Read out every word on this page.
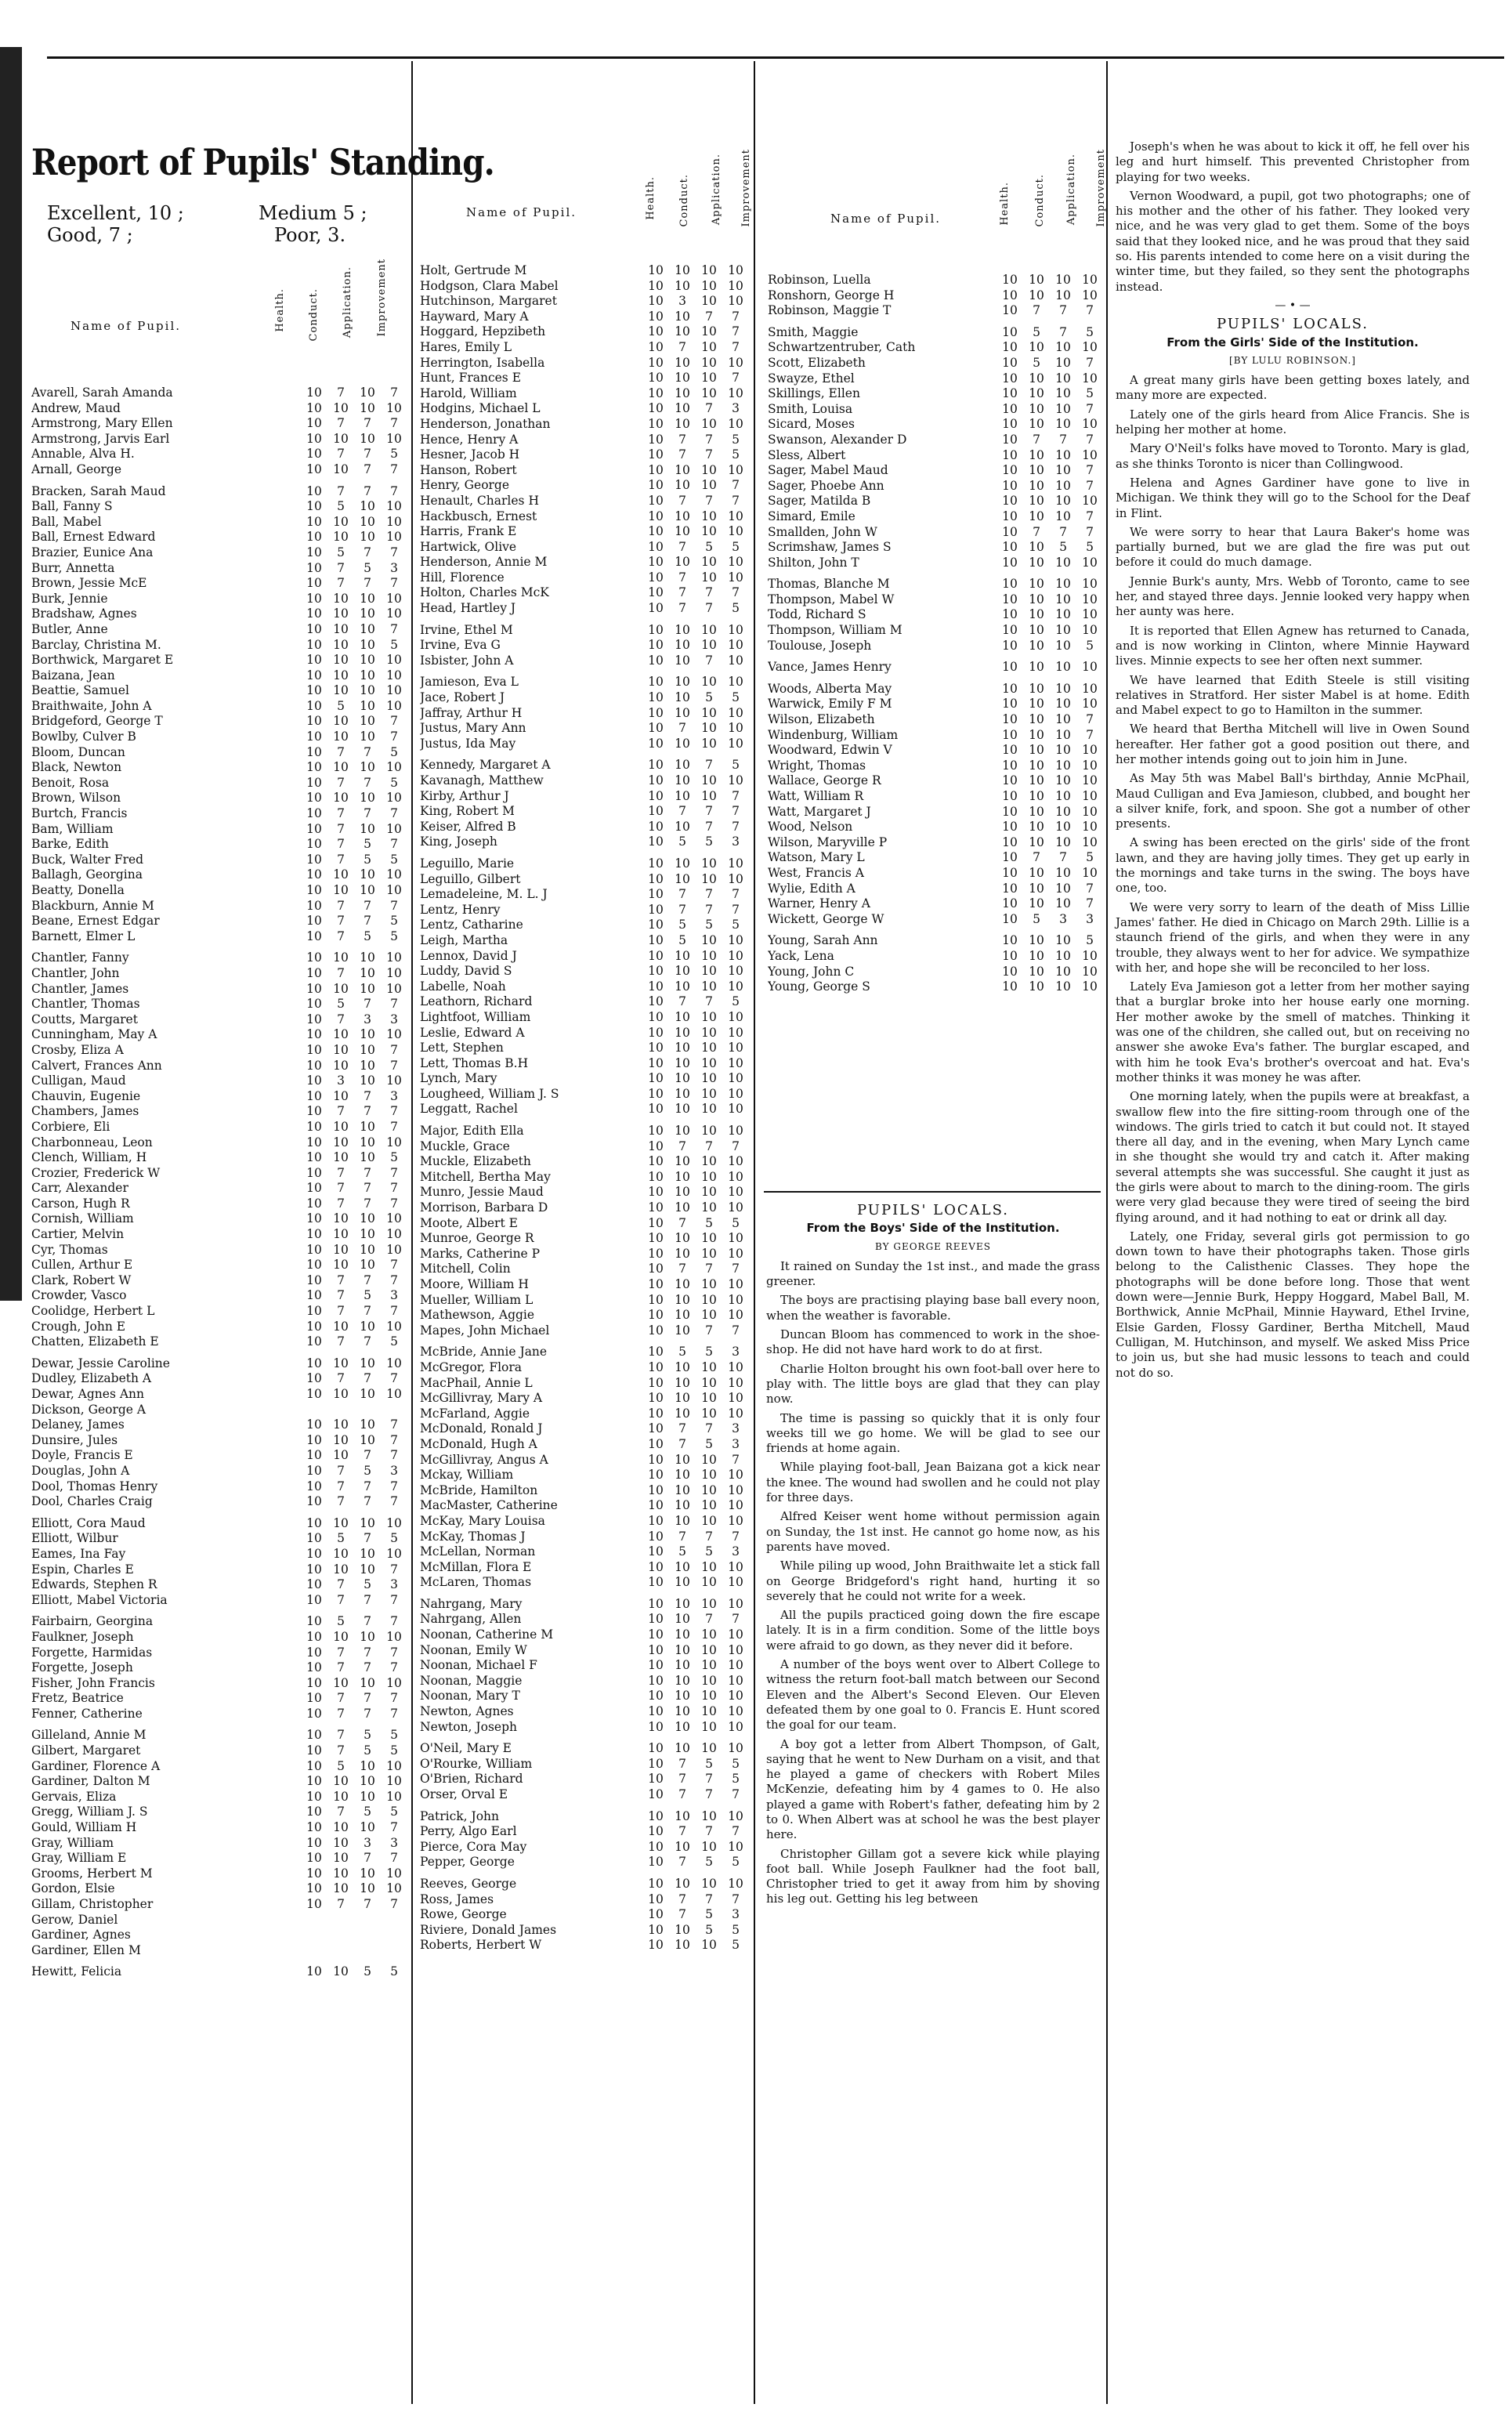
Report of Pupils' Standing.
Excellent, 10 ;	Medium 5 ;
Good, 7 ;	Poor, 3.
Name of Pupil.	Health. Conduct. Application. Improvement
Name of Pupil.	Health. Conduct. Application. Improvement	Name of Pupil.	Health. Conduct. Application. Improvement
Avarell, Sarah Amanda	10	7	10	7
Andrew, Maud	10 10 10 10
Armstrong, Mary Ellen	10	7	7	7
Armstrong, Jarvis Earl	10 10 10 10
Annable, Alva H.	10	7	7	5
Arnall, George	10 10	7	7
Bracken, Sarah Maud	10	7	7	7
Ball, Fanny S	10	5	10 10
Ball, Mabel	10 10 10 10
Ball, Ernest Edward	10 10 10 10
Brazier, Eunice Ana	10	5	7	7
Burr, Annetta	10	7	5	3
Brown, Jessie McE	10	7	7	7
Burk, Jennie	10 10 10 10
Bradshaw, Agnes	10 10 10 10
Butler, Anne	10 10 10	7
Barclay, Christina M.	10 10 10	5
Borthwick, Margaret E	10 10 10 10
Baizana, Jean	10 10 10 10
Beattie, Samuel	10 10 10 10
Braithwaite, John A	10	5	10 10
Bridgeford, George T	10 10 10	7
Bowlby, Culver B	10 10 10	7
Bloom, Duncan	10	7	7	5
Black, Newton	10 10 10 10
Benoit, Rosa	10	7	7	5
Brown, Wilson	10 10 10 10
Burtch, Francis	10	7	7	7
Bam, William	10	7	10 10
Barke, Edith	10	7	5	7
Buck, Walter Fred	10	7	5	5
Ballagh, Georgina	10 10 10 10
Beatty, Donella	10 10 10 10
Blackburn, Annie M	10	7	7	7
Beane, Ernest Edgar	10	7	7	5
Barnett, Elmer L	10	7	5	5
Chantler, Fanny	10 10 10 10
Chantler, John	10	7	10 10
Chantler, James	10 10 10 10
Chantler, Thomas	10	5	7	7
Coutts, Margaret	10	7	3	3
Cunningham, May A	10 10 10 10
Crosby, Eliza A	10 10 10	7
Calvert, Frances Ann	10 10 10	7
Culligan, Maud	10	3	10 10
Chauvin, Eugenie	10 10	7	3
Chambers, James	10	7	7	7
Corbiere, Eli	10 10 10	7
Charbonneau, Leon	10 10 10 10
Clench, William, H	10 10 10	5
Crozier, Frederick W	10	7	7	7
Carr, Alexander	10	7	7	7
Carson, Hugh R	10	7	7	7
Cornish, William	10 10 10 10
Cartier, Melvin	10 10 10 10
Cyr, Thomas	10 10 10 10
Cullen, Arthur E	10 10 10	7
Clark, Robert W	10	7	7	7
Crowder, Vasco	10	7	5	3
Coolidge, Herbert L	10	7	7	7
Crough, John E	10 10 10 10
Chatten, Elizabeth E	10	7	7	5
Dewar, Jessie Caroline	10 10 10 10
Dudley, Elizabeth A	10	7	7	7
Dewar, Agnes Ann	10 10 10 10
Dickson, George A
Delaney, James	10 10 10	7
Dunsire, Jules	10 10 10	7
Doyle, Francis E	10 10	7	7
Douglas, John A	10	7	5	3
Dool, Thomas Henry	10	7	7	7
Dool, Charles Craig	10	7	7	7
Elliott, Cora Maud	10 10 10 10
Elliott, Wilbur	10	5	7	5
Eames, Ina Fay	10 10 10 10
Espin, Charles E	10 10 10	7
Edwards, Stephen R	10	7	5	3
Elliott, Mabel Victoria	10	7	7	7
Fairbairn, Georgina	10	5	7	7
Faulkner, Joseph	10 10 10 10
Forgette, Harmidas	10	7	7	7
Forgette, Joseph	10	7	7	7
Fisher, John Francis	10 10 10 10
Fretz, Beatrice	10	7	7	7
Fenner, Catherine	10	7	7	7
Gilleland, Annie M	10	7	5	5
Gilbert, Margaret	10	7	5	5
Gardiner, Florence A	10	5	10 10
Gardiner, Dalton M	10 10 10 10
Gervais, Eliza	10 10 10 10
Gregg, William J. S	10	7	5	5
Gould, William H	10 10 10	7
Gray, William	10 10	3	3
Gray, William E	10 10	7	7
Grooms, Herbert M	10 10 10 10
Gordon, Elsie	10 10 10 10
Gillam, Christopher	10	7	7	7
Gerow, Daniel
Gardiner, Agnes
Gardiner, Ellen M
Hewitt, Felicia	10 10	5	5
Holt, Gertrude M	10 10 10 10
Hodgson, Clara Mabel	10 10 10 10
Hutchinson, Margaret	10	3	10 10
Hayward, Mary A	10 10	7	7
Hoggard, Hepzibeth	10 10 10	7
Hares, Emily L	10	7	10	7
Herrington, Isabella	10 10 10 10
Hunt, Frances E	10 10 10	7
Harold, William	10 10 10 10
Hodgins, Michael L	10 10	7	3
Henderson, Jonathan	10 10 10 10
Hence, Henry A	10	7	7	5
Hesner, Jacob H	10	7	7	5
Hanson, Robert	10 10 10 10
Henry, George	10 10 10	7
Henault, Charles H	10	7	7	7
Hackbusch, Ernest	10 10 10 10
Harris, Frank E	10 10 10 10
Hartwick, Olive	10	7	5	5
Henderson, Annie M	10 10 10 10
Hill, Florence	10	7	10 10
Holton, Charles McK	10	7	7	7
Head, Hartley J	10	7	7	5
Irvine, Ethel M	10 10 10 10
Irvine, Eva G	10 10 10 10
Isbister, John A	10 10	7	10
Jamieson, Eva L	10 10 10 10
Jace, Robert J	10 10	5	5
Jaffray, Arthur H	10 10 10 10
Justus, Mary Ann	10	7	10 10
Justus, Ida May	10 10 10 10
Kennedy, Margaret A	10 10	7	5
Kavanagh, Matthew	10 10 10 10
Kirby, Arthur J	10 10 10	7
King, Robert M	10	7	7	7
Keiser, Alfred B	10 10	7	7
King, Joseph	10	5	5	3
Leguillo, Marie	10 10 10 10
Leguillo, Gilbert	10 10 10 10
Lemadeleine, M. L. J	10	7	7	7
Lentz, Henry	10	7	7	7
Lentz, Catharine	10	5	5	5
Leigh, Martha	10	5	10 10
Lennox, David J	10 10 10 10
Luddy, David S	10 10 10 10
Labelle, Noah	10 10 10 10
Leathorn, Richard	10	7	7	5
Lightfoot, William	10 10 10 10
Leslie, Edward A	10 10 10 10
Lett, Stephen	10 10 10 10
Lett, Thomas B.H	10 10 10 10
Lynch, Mary	10 10 10 10
Lougheed, William J. S	10 10 10 10
Leggatt, Rachel	10 10 10 10
Major, Edith Ella	10 10 10 10
Muckle, Grace	10	7	7	7
Muckle, Elizabeth	10 10 10 10
Mitchell, Bertha May	10 10 10 10
Munro, Jessie Maud	10 10 10 10
Morrison, Barbara D	10 10 10 10
Moote, Albert E	10	7	5	5
Munroe, George R	10 10 10 10
Marks, Catherine P	10 10 10 10
Mitchell, Colin	10	7	7	7
Moore, William H	10 10 10 10
Mueller, William L	10 10 10 10
Mathewson, Aggie	10 10 10 10
Mapes, John Michael	10 10	7	7
McBride, Annie Jane	10	5	5	3
McGregor, Flora	10 10 10 10
MacPhail, Annie L	10 10 10 10
McGillivray, Mary A	10 10 10 10
McFarland, Aggie	10 10 10 10
McDonald, Ronald J	10	7	7	3
McDonald, Hugh A	10	7	5	3
McGillivray, Angus A	10 10 10	7
Mckay, William	10 10 10 10
McBride, Hamilton	10 10 10 10
MacMaster, Catherine	10 10 10 10
McKay, Mary Louisa	10 10 10 10
McKay, Thomas J	10	7	7	7
McLellan, Norman	10	5	5	3
McMillan, Flora E	10 10 10 10
McLaren, Thomas	10 10 10 10
Nahrgang, Mary	10 10 10 10
Nahrgang, Allen	10 10	7	7
Noonan, Catherine M	10 10 10 10
Noonan, Emily W	10 10 10 10
Noonan, Michael F	10 10 10 10
Noonan, Maggie	10 10 10 10
Noonan, Mary T	10 10 10 10
Newton, Agnes	10 10 10 10
Newton, Joseph	10 10 10 10
O'Neil, Mary E	10 10 10 10
O'Rourke, William	10	7	5	5
O'Brien, Richard	10	7	7	5
Orser, Orval E	10	7	7	7
Patrick, John	10 10 10 10
Perry, Algo Earl	10	7	7	7
Pierce, Cora May	10 10 10 10
Pepper, George	10	7	5	5
Reeves, George	10 10 10 10
Ross, James	10	7	7	7
Rowe, George	10	7	5	3
Riviere, Donald James	10 10	5	5
Roberts, Herbert W	10 10 10	5
Robinson, Luella	10 10 10 10
Ronshorn, George H	10 10 10 10
Robinson, Maggie T	10	7	7	7
Smith, Maggie	10	5	7	5
Schwartzentruber, Cath	10 10 10 10
Scott, Elizabeth	10	5	10	7
Swayze, Ethel	10 10 10 10
Skillings, Ellen	10 10 10	5
Smith, Louisa	10 10 10	7
Sicard, Moses	10 10 10 10
Swanson, Alexander D	10	7	7	7
Sless, Albert	10 10 10 10
Sager, Mabel Maud	10 10 10	7
Sager, Phoebe Ann	10 10 10	7
Sager, Matilda B	10 10 10 10
Simard, Emile	10 10 10	7
Smallden, John W	10	7	7	7
Scrimshaw, James S	10 10	5	5
Shilton, John T	10 10 10 10
Thomas, Blanche M	10 10 10 10
Thompson, Mabel W	10 10 10 10
Todd, Richard S	10 10 10 10
Thompson, William M	10 10 10 10
Toulouse, Joseph	10 10 10	5
Vance, James Henry	10 10 10 10
Woods, Alberta May	10 10 10 10
Warwick, Emily F M	10 10 10 10
Wilson, Elizabeth	10 10 10	7
Windenburg, William	10 10 10	7
Woodward, Edwin V	10 10 10 10
Wright, Thomas	10 10 10 10
Wallace, George R	10 10 10 10
Watt, William R	10 10 10 10
Watt, Margaret J	10 10 10 10
Wood, Nelson	10 10 10 10
Wilson, Maryville P	10 10 10 10
Watson, Mary L	10	7	7	5
West, Francis A	10 10 10 10
Wylie, Edith A	10 10 10	7
Warner, Henry A	10 10 10	7
Wickett, George W	10	5	3	3
Young, Sarah Ann	10 10 10	5
Yack, Lena	10 10 10 10
Young, John C	10 10 10 10
Young, George S	10 10 10 10
PUPILS' LOCALS.
From the Boys' Side of the Institution.

BY GEORGE REEVES

It rained on Sunday the 1st inst., and made the grass greener.

The boys are practising playing base ball every noon, when the weather is favorable.

Duncan Bloom has commenced to work in the shoe-shop. He did not have hard work to do at first.

Charlie Holton brought his own foot-ball over here to play with. The little boys are glad that they can play now.

The time is passing so quickly that it is only four weeks till we go home. We will be glad to see our friends at home again.

While playing foot-ball, Jean Baizana got a kick near the knee. The wound had swollen and he could not play for three days.

Alfred Keiser went home without permission again on Sunday, the 1st inst. He cannot go home now, as his parents have moved.

While piling up wood, John Braithwaite let a stick fall on George Bridgeford's right hand, hurting it so severely that he could not write for a week.

All the pupils practiced going down the fire escape lately. It is in a firm condition. Some of the little boys were afraid to go down, as they never did it before.

A number of the boys went over to Albert College to witness the return foot-ball match between our Second Eleven and the Albert's Second Eleven. Our Eleven defeated them by one goal to 0. Francis E. Hunt scored the goal for our team.

A boy got a letter from Albert Thompson, of Galt, saying that he went to New Durham on a visit, and that he played a game of checkers with Robert Miles McKenzie, defeating him by 4 games to 0. He also played a game with Robert's father, defeating him by 2 to 0. When Albert was at school he was the best player here.

Christopher Gillam got a severe kick while playing foot ball. While Joseph Faulkner had the foot ball, Christopher tried to get it away from him by shoving his leg out. Getting his leg between

Joseph's when he was about to kick it off, he fell over his leg and hurt himself. This prevented Christopher from playing for two weeks.

Vernon Woodward, a pupil, got two photographs; one of his mother and the other of his father. They looked very nice, and he was very glad to get them. Some of the boys said that they looked nice, and he was proud that they said so. His parents intended to come here on a visit during the winter time, but they failed, so they sent the photographs instead.

— • —
PUPILS' LOCALS.
From the Girls' Side of the Institution.

[BY LULU ROBINSON.]

A great many girls have been getting boxes lately, and many more are expected.

Lately one of the girls heard from Alice Francis. She is helping her mother at home.

Mary O'Neil's folks have moved to Toronto. Mary is glad, as she thinks Toronto is nicer than Collingwood.

Helena and Agnes Gardiner have gone to live in Michigan. We think they will go to the School for the Deaf in Flint.

We were sorry to hear that Laura Baker's home was partially burned, but we are glad the fire was put out before it could do much damage.

Jennie Burk's aunty, Mrs. Webb of Toronto, came to see her, and stayed three days. Jennie looked very happy when her aunty was here.

It is reported that Ellen Agnew has returned to Canada, and is now working in Clinton, where Minnie Hayward lives. Minnie expects to see her often next summer.

We have learned that Edith Steele is still visiting relatives in Stratford. Her sister Mabel is at home. Edith and Mabel expect to go to Hamilton in the summer.

We heard that Bertha Mitchell will live in Owen Sound hereafter. Her father got a good position out there, and her mother intends going out to join him in June.

As May 5th was Mabel Ball's birthday, Annie McPhail, Maud Culligan and Eva Jamieson, clubbed, and bought her a silver knife, fork, and spoon. She got a number of other presents.

A swing has been erected on the girls' side of the front lawn, and they are having jolly times. They get up early in the mornings and take turns in the swing. The boys have one, too.

We were very sorry to learn of the death of Miss Lillie James' father. He died in Chicago on March 29th. Lillie is a staunch friend of the girls, and when they were in any trouble, they always went to her for advice. We sympathize with her, and hope she will be reconciled to her loss.

Lately Eva Jamieson got a letter from her mother saying that a burglar broke into her house early one morning. Her mother awoke by the smell of matches. Thinking it was one of the children, she called out, but on receiving no answer she awoke Eva's father. The burglar escaped, and with him he took Eva's brother's overcoat and hat. Eva's mother thinks it was money he was after.

One morning lately, when the pupils were at breakfast, a swallow flew into the fire sitting-room through one of the windows. The girls tried to catch it but could not. It stayed there all day, and in the evening, when Mary Lynch came in she thought she would try and catch it. After making several attempts she was successful. She caught it just as the girls were about to march to the dining-room. The girls were very glad because they were tired of seeing the bird flying around, and it had nothing to eat or drink all day.

Lately, one Friday, several girls got permission to go down town to have their photographs taken. Those girls belong to the Calisthenic Classes. They hope the photographs will be done before long. Those that went down were—Jennie Burk, Heppy Hoggard, Mabel Ball, M. Borthwick, Annie McPhail, Minnie Hayward, Ethel Irvine, Elsie Garden, Flossy Gardiner, Bertha Mitchell, Maud Culligan, M. Hutchinson, and myself. We asked Miss Price to join us, but she had music lessons to teach and could not do so.
